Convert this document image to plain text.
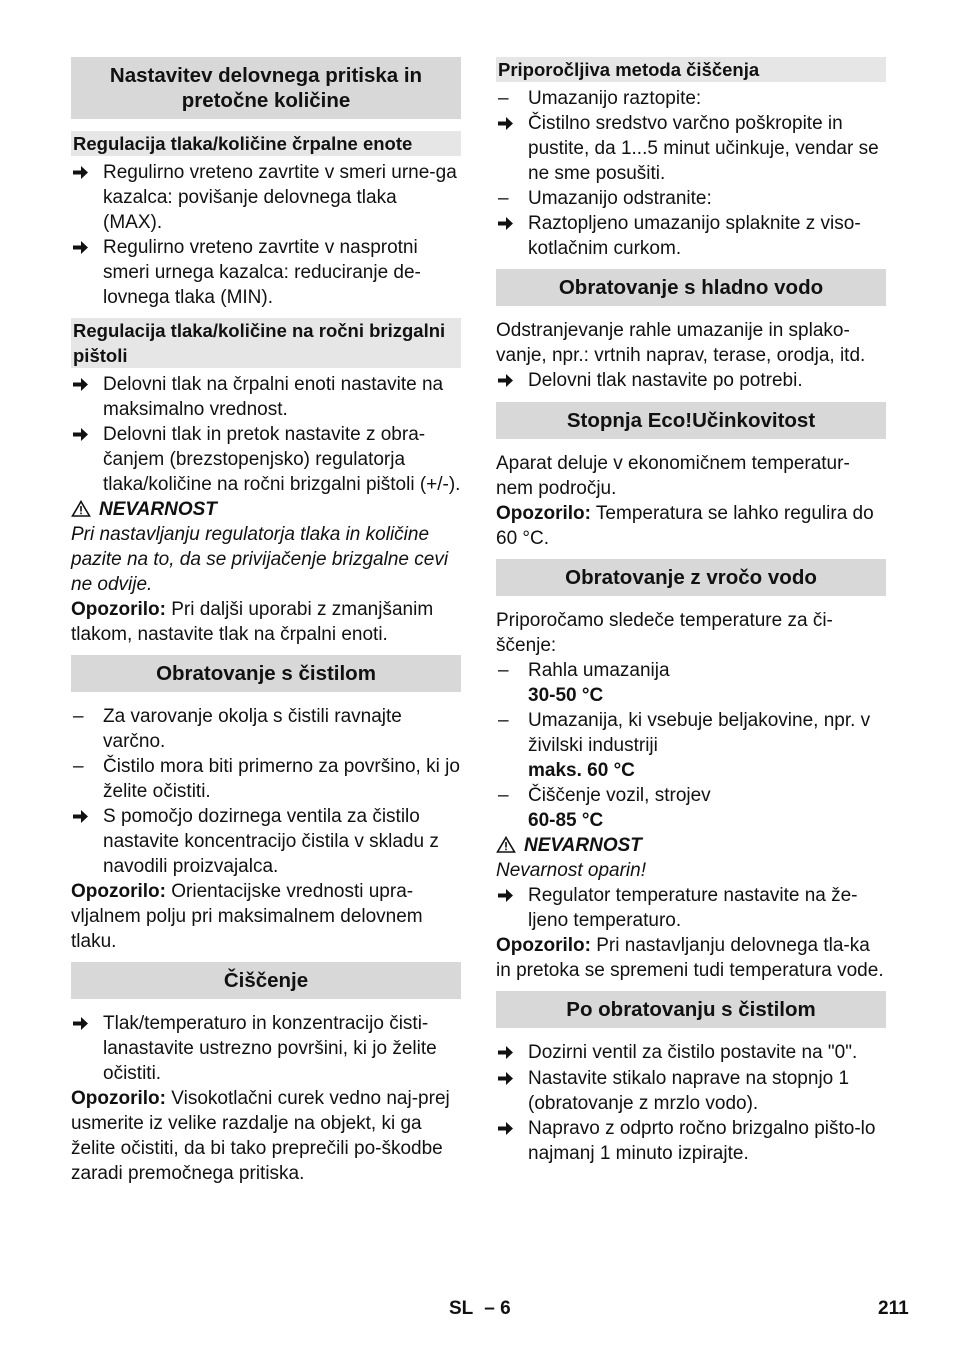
Nastavitev delovnega pritiska in pretočne količine
Regulacija tlaka/količine črpalne enote
Regulirno vreteno zavrtite v smeri urne-ga kazalca: povišanje delovnega tlaka (MAX).
Regulirno vreteno zavrtite v nasprotni smeri urnega kazalca: reduciranje de-lovnega tlaka (MIN).
Regulacija tlaka/količine na ročni brizgalni pištoli
Delovni tlak na črpalni enoti nastavite na maksimalno vrednost.
Delovni tlak in pretok nastavite z obra-čanjem (brezstopenjsko) regulatorja tlaka/količine na ročni brizgalni pištoli (+/-).
NEVARNOST

Pri nastavljanju regulatorja tlaka in količine pazite na to, da se privijačenje brizgalne cevi ne odvije.

Opozorilo: Pri daljši uporabi z zmanjšanim tlakom, nastavite tlak na črpalni enoti.

Obratovanje s čistilom
–	Za varovanje okolja s čistili ravnajte varčno.
–	Čistilo mora biti primerno za površino, ki jo želite očistiti.
S pomočjo dozirnega ventila za čistilo nastavite koncentracijo čistila v skladu z navodili proizvajalca.

Opozorilo: Orientacijske vrednosti upra-vljalnem polju pri maksimalnem delovnem tlaku.

Čiščenje
Tlak/temperaturo in konzentracijo čisti-lanastavite ustrezno površini, ki jo želite očistiti.

Opozorilo: Visokotlačni curek vedno naj-prej usmerite iz velike razdalje na objekt, ki ga želite očistiti, da bi tako preprečili po-škodbe zaradi premočnega pritiska.

Priporočljiva metoda čiščenja
–	Umazanijo raztopite:
Čistilno sredstvo varčno poškropite in pustite, da 1...5 minut učinkuje, vendar se ne sme posušiti.
–	Umazanijo odstranite:
Raztopljeno umazanijo splaknite z viso-kotlačnim curkom.
Obratovanje s hladno vodo

Odstranjevanje rahle umazanije in splako-vanje, npr.: vrtnih naprav, terase, orodja, itd.

Delovni tlak nastavite po potrebi.
Stopnja Eco!Učinkovitost

Aparat deluje v ekonomičnem temperatur-nem področju.

Opozorilo: Temperatura se lahko regulira do 60 °C.

Obratovanje z vročo vodo

Priporočamo sledeče temperature za či-ščenje:

–	Rahla umazanija
30-50 °C
–	Umazanija, ki vsebuje beljakovine, npr. v živilski industriji
maks. 60 °C
–	Čiščenje vozil, strojev
60-85 °C
NEVARNOST

Nevarnost oparin!

Regulator temperature nastavite na že-ljeno temperaturo.

Opozorilo: Pri nastavljanju delovnega tla-ka in pretoka se spremeni tudi temperatura vode.

Po obratovanju s čistilom
Dozirni ventil za čistilo postavite na "0".
Nastavite stikalo naprave na stopnjo 1 (obratovanje z mrzlo vodo).
Napravo z odprto ročno brizgalno pišto-lo najmanj 1 minuto izpirajte.
SL – 6	211
